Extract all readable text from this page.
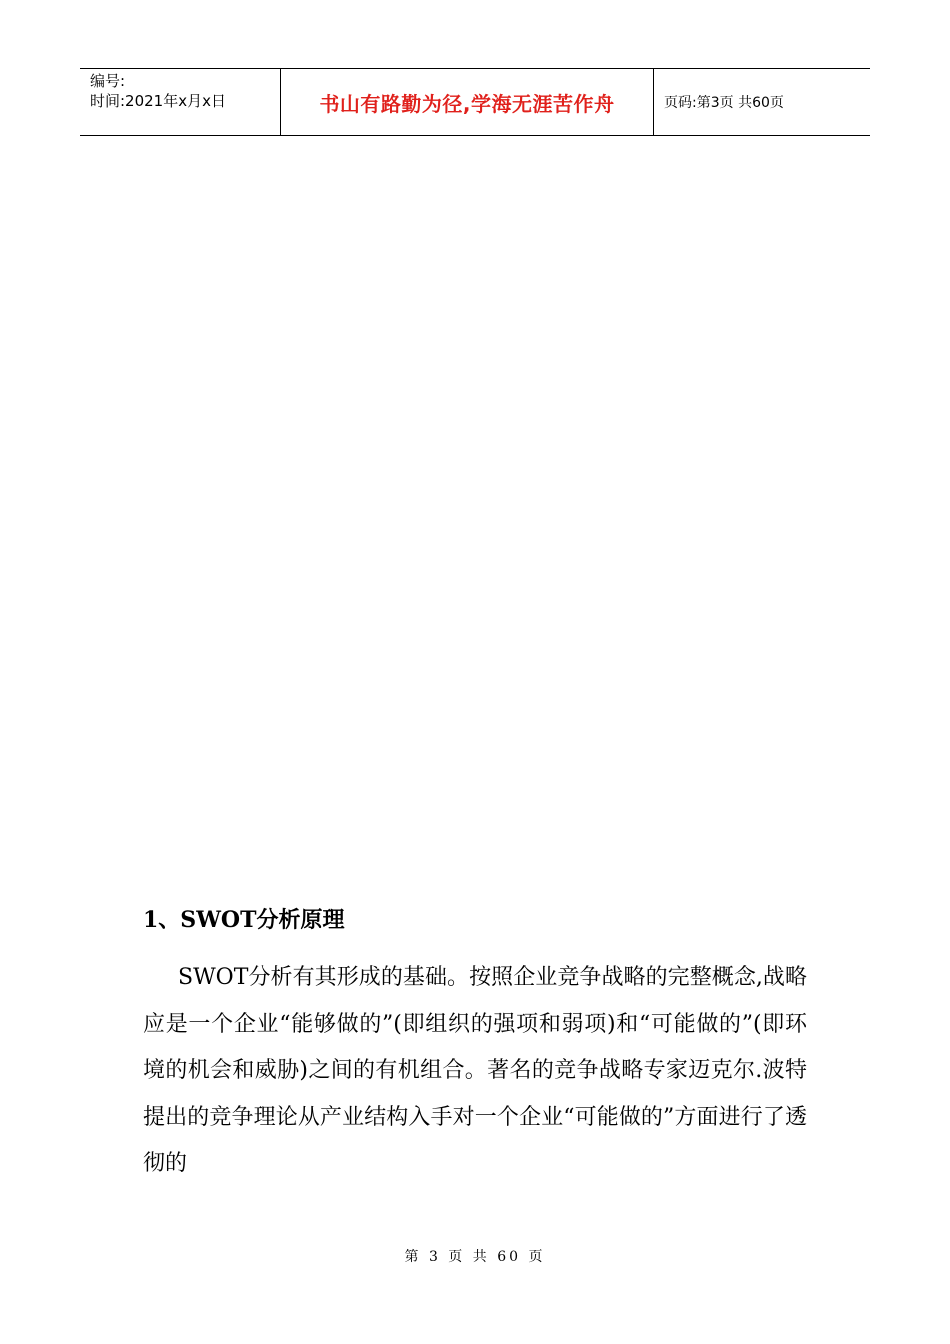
编号:
时间:2021年x月x日	书山有路勤为径,学海无涯苦作舟	页码:第3页 共60页
1、SWOT分析原理

SWOT分析有其形成的基础。按照企业竞争战略的完整概念,战略应是一个企业“能够做的”(即组织的强项和弱项)和“可能做的”(即环境的机会和威胁)之间的有机组合。著名的竞争战略专家迈克尔.波特提出的竞争理论从产业结构入手对一个企业“可能做的”方面进行了透彻的

第 3 页 共 60 页
